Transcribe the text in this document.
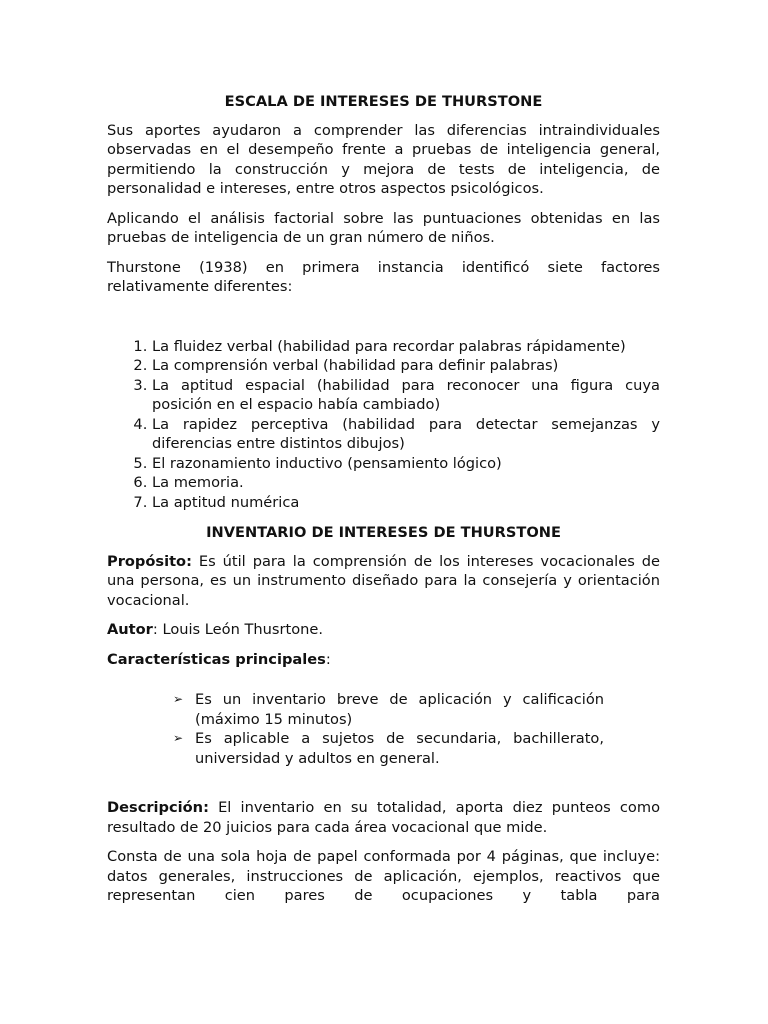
ESCALA DE INTERESES DE THURSTONE

Sus aportes ayudaron a comprender las diferencias intraindividuales observadas en el desempeño frente a pruebas de inteligencia general, permitiendo la construcción y mejora de tests de inteligencia, de personalidad e intereses, entre otros aspectos psicológicos.

Aplicando el análisis factorial sobre las puntuaciones obtenidas en las pruebas de inteligencia de un gran número de niños.

Thurstone (1938) en primera instancia identificó siete factores relativamente diferentes:

1. La fluidez verbal (habilidad para recordar palabras rápidamente)
2. La comprensión verbal (habilidad para definir palabras)
3. La aptitud espacial (habilidad para reconocer una figura cuya posición en el espacio había cambiado)
4. La rapidez perceptiva (habilidad para detectar semejanzas y diferencias entre distintos dibujos)
5. El razonamiento inductivo (pensamiento lógico)
6. La memoria.
7. La aptitud numérica
INVENTARIO DE INTERESES DE THURSTONE

Propósito: Es útil para la comprensión de los intereses vocacionales de una persona, es un instrumento diseñado para la consejería y orientación vocacional.

Autor: Louis León Thusrtone.

Características principales:

➢ Es un inventario breve de aplicación y calificación (máximo 15 minutos)
➢ Es aplicable a sujetos de secundaria, bachillerato, universidad y adultos en general.

Descripción: El inventario en su totalidad, aporta diez punteos como resultado de 20 juicios para cada área vocacional que mide.

Consta de una sola hoja de papel conformada por 4 páginas, que incluye: datos generales, instrucciones de aplicación, ejemplos, reactivos que representan cien pares de ocupaciones y tabla para
